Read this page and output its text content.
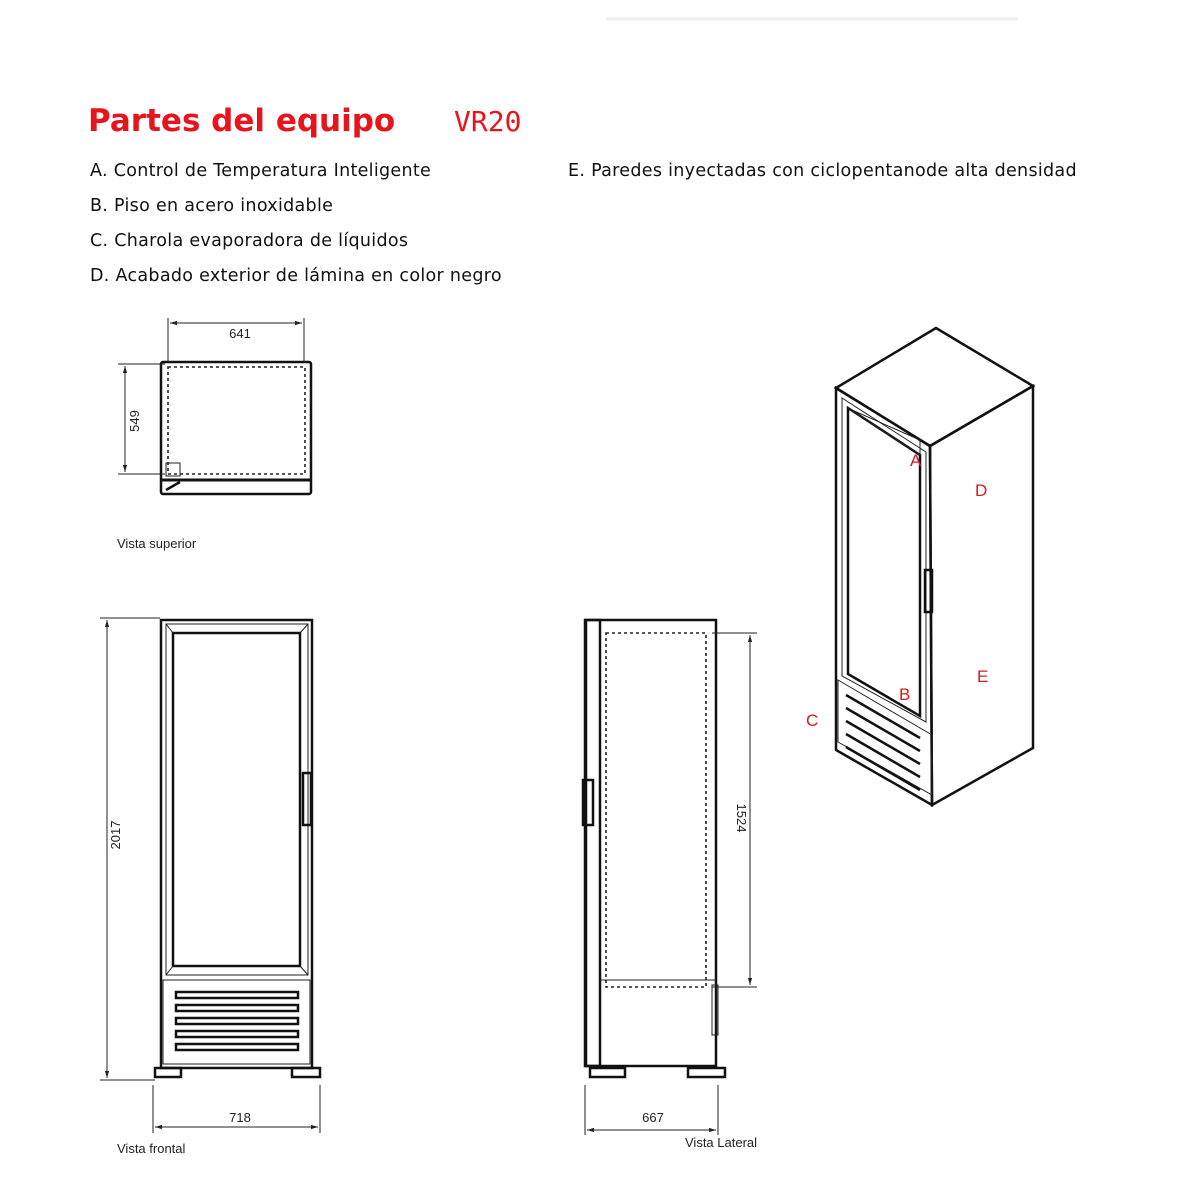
Partes del equipo VR20
A. Control de Temperatura Inteligente
B. Piso en acero inoxidable
C. Charola evaporadora de líquidos
D. Acabado exterior de lámina en color negro
E. Paredes inyectadas con ciclopentanode alta densidad
641
549
Vista superior
2017
718
Vista frontal
1524
667
Vista Lateral
A
D
B
E
C
